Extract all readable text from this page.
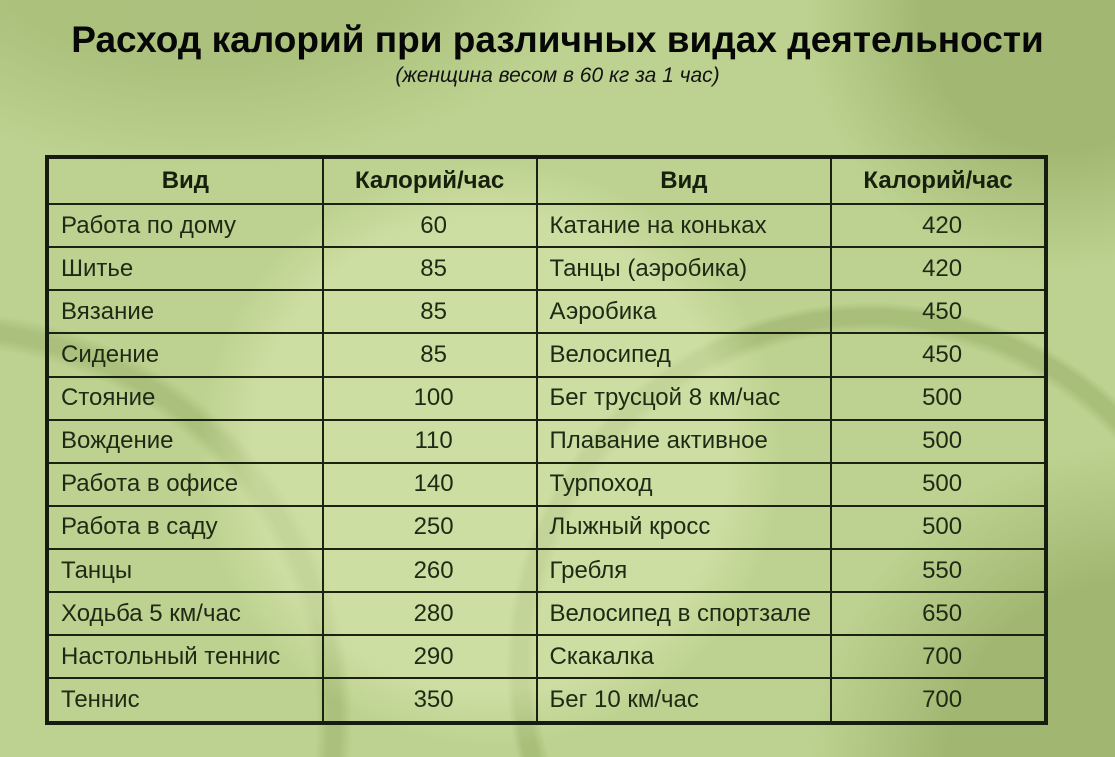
Расход калорий при различных видах деятельности
(женщина весом в 60 кг за 1 час)
Вид	Калорий/час	Вид	Калорий/час
Работа по дому	60	Катание на коньках	420
Шитье	85	Танцы (аэробика)	420
Вязание	85	Аэробика	450
Сидение	85	Велосипед	450
Стояние	100	Бег трусцой 8 км/час	500
Вождение	110	Плавание активное	500
Работа в офисе	140	Турпоход	500
Работа в саду	250	Лыжный кросс	500
Танцы	260	Гребля	550
Ходьба 5 км/час	280	Велосипед в спортзале	650
Настольный теннис	290	Скакалка	700
Теннис	350	Бег 10 км/час	700
